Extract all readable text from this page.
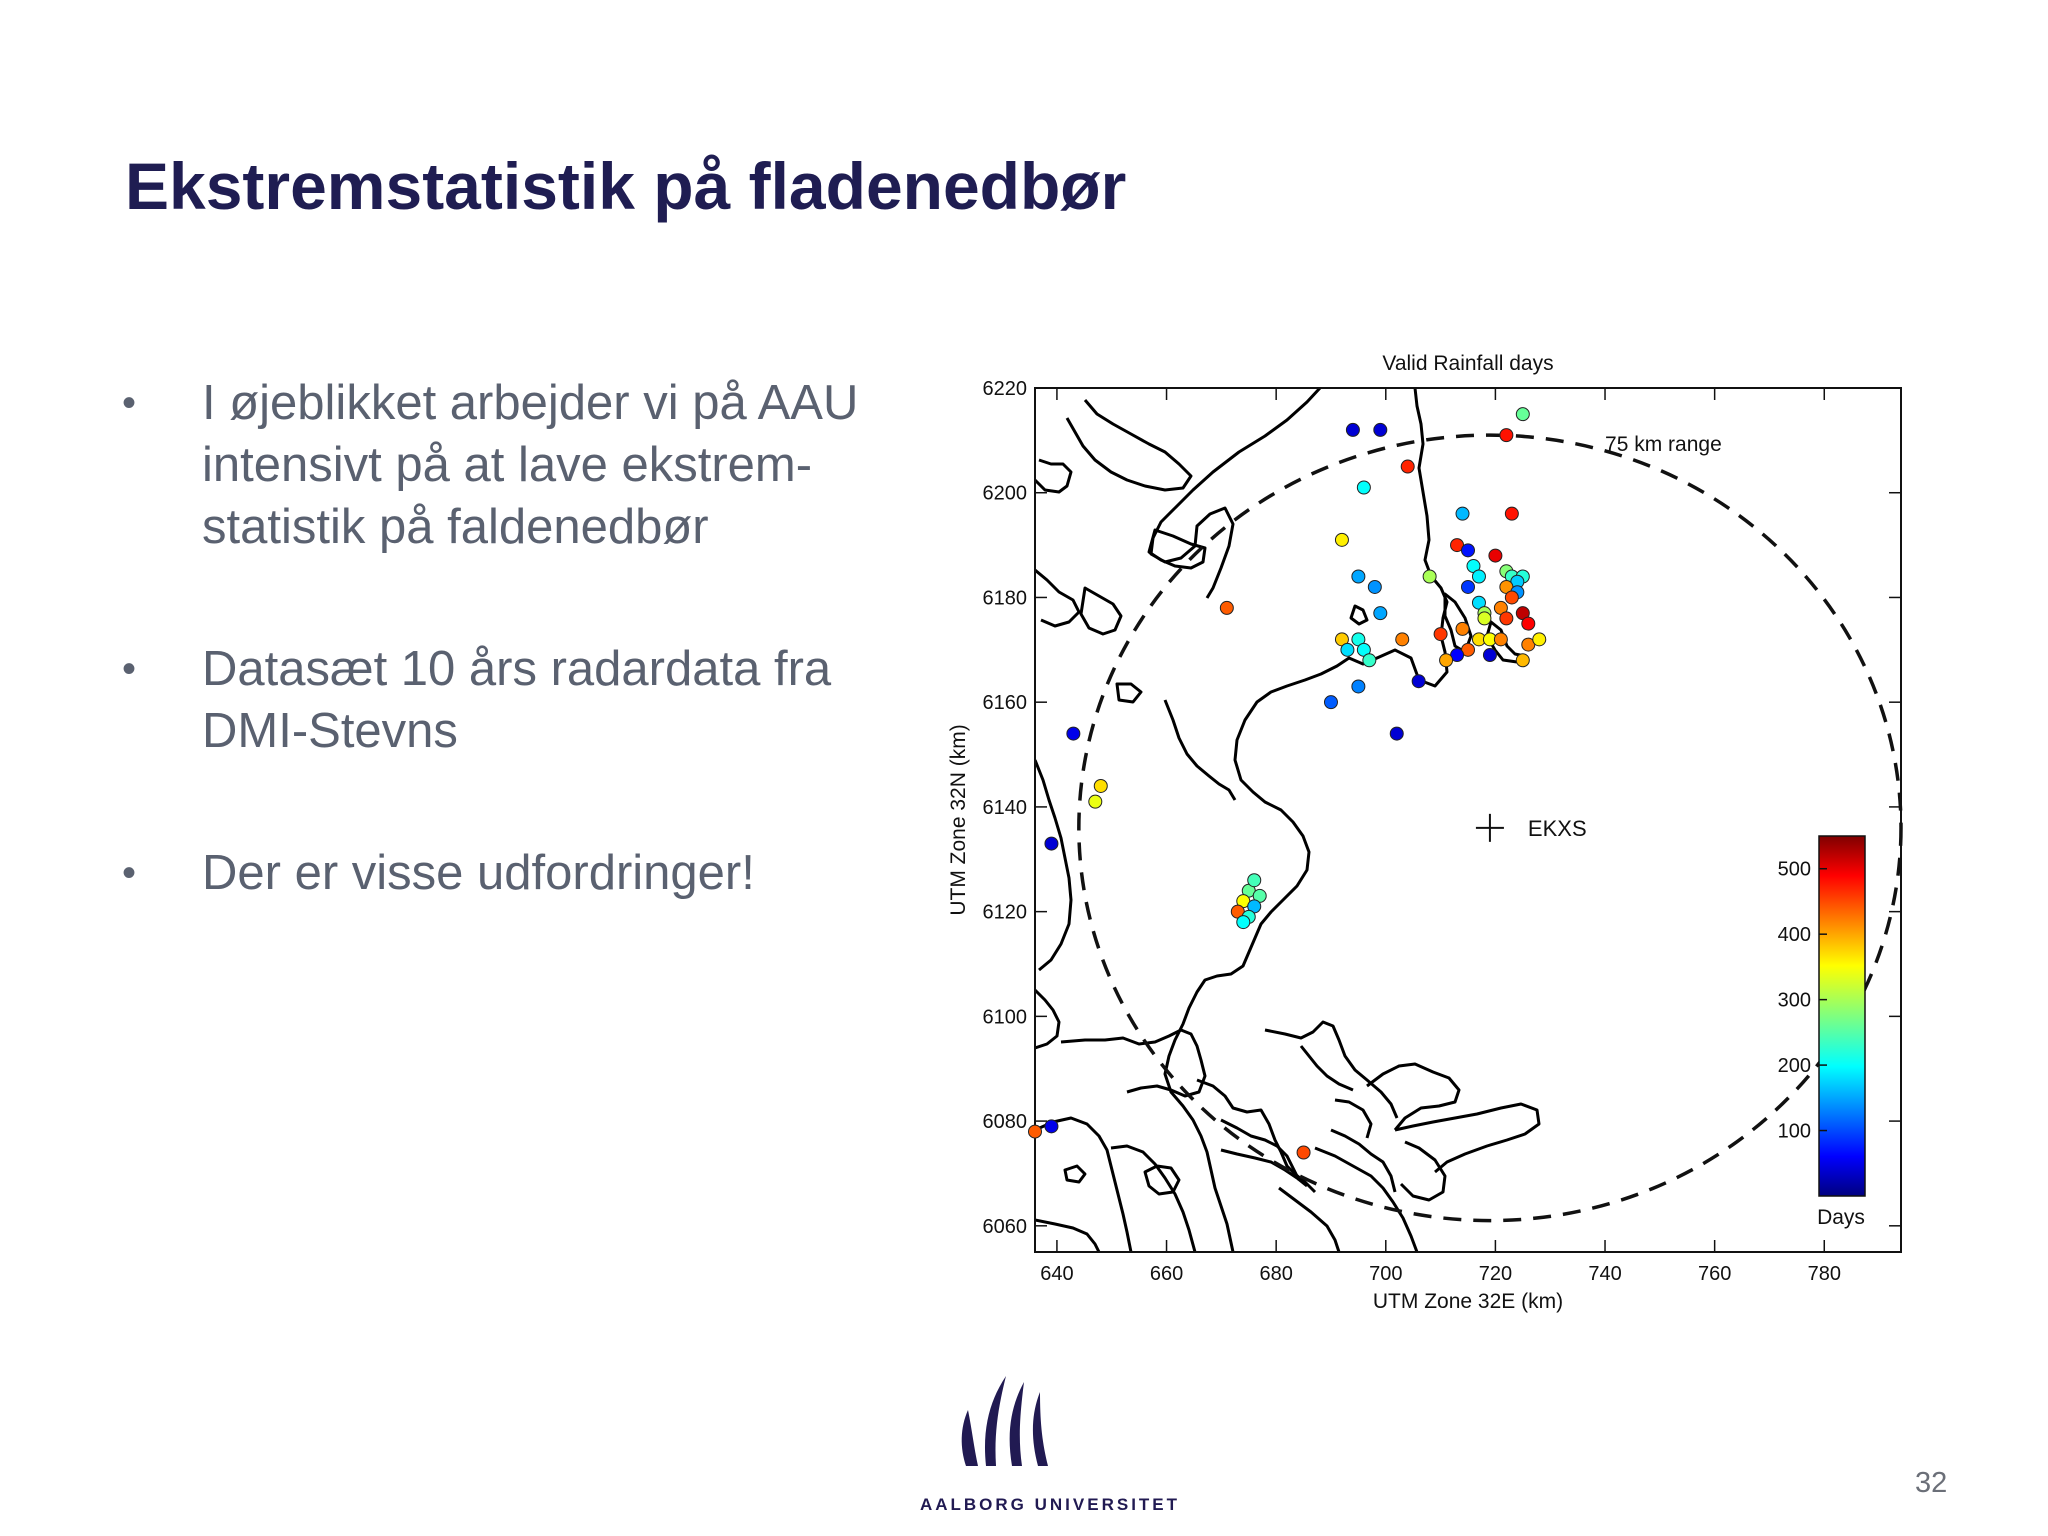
Ekstremstatistik på fladenedbør
• I øjeblikket arbejder vi på AAU intensivt på at lave ekstrem-statistik på faldenedbør
• Datasæt 10 års radardata fra DMI-Stevns
• Der er visse udfordringer!
Valid Rainfall days
6060
6080
6100
6120
6140
6160
6180
6200
6220
640	660	680	700	720	740	760	780
75 km range
EKXS
100
200
300
400
500
Days
UTM Zone 32E (km)
UTM Zone 32N (km)
AALBORG UNIVERSITET
32
